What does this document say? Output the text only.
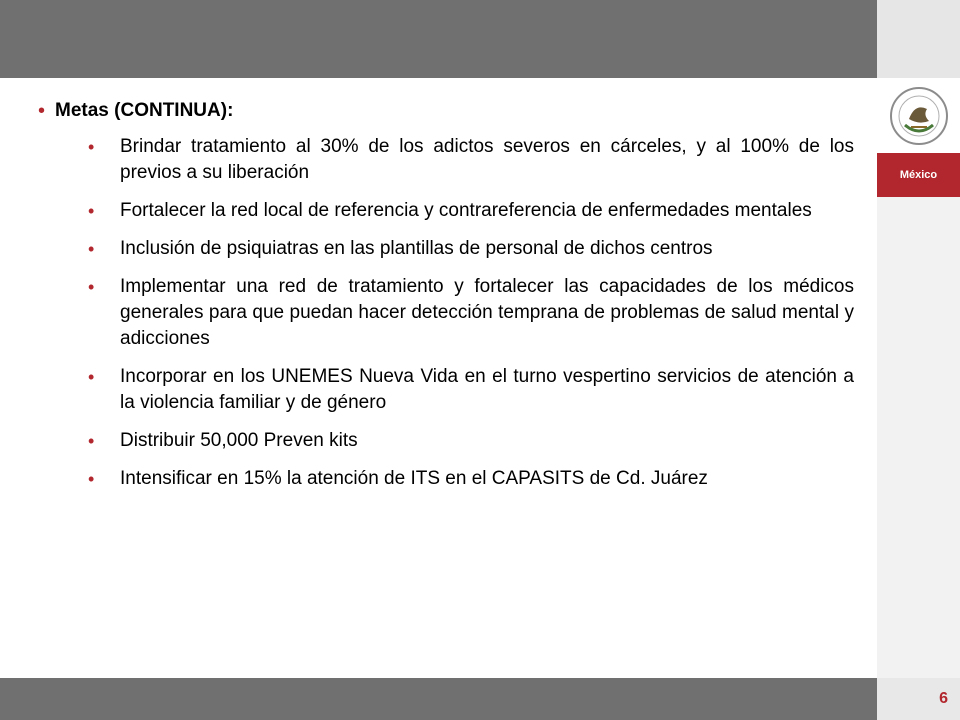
México
• Metas (CONTINUA):
•	Brindar tratamiento al 30% de los adictos severos en cárceles, y al 100% de los previos a su liberación
•	Fortalecer la red local de referencia y contrareferencia de enfermedades mentales
•	Inclusión de psiquiatras en las plantillas de personal de dichos centros
•	Implementar una red de tratamiento y fortalecer las capacidades de los médicos generales para que puedan hacer detección temprana de problemas de salud mental y adicciones
•	Incorporar en los UNEMES Nueva Vida en el turno vespertino servicios de atención a la violencia familiar y de género
•	Distribuir 50,000 Preven kits
•	Intensificar en 15% la atención de ITS en el CAPASITS de Cd. Juárez
6
